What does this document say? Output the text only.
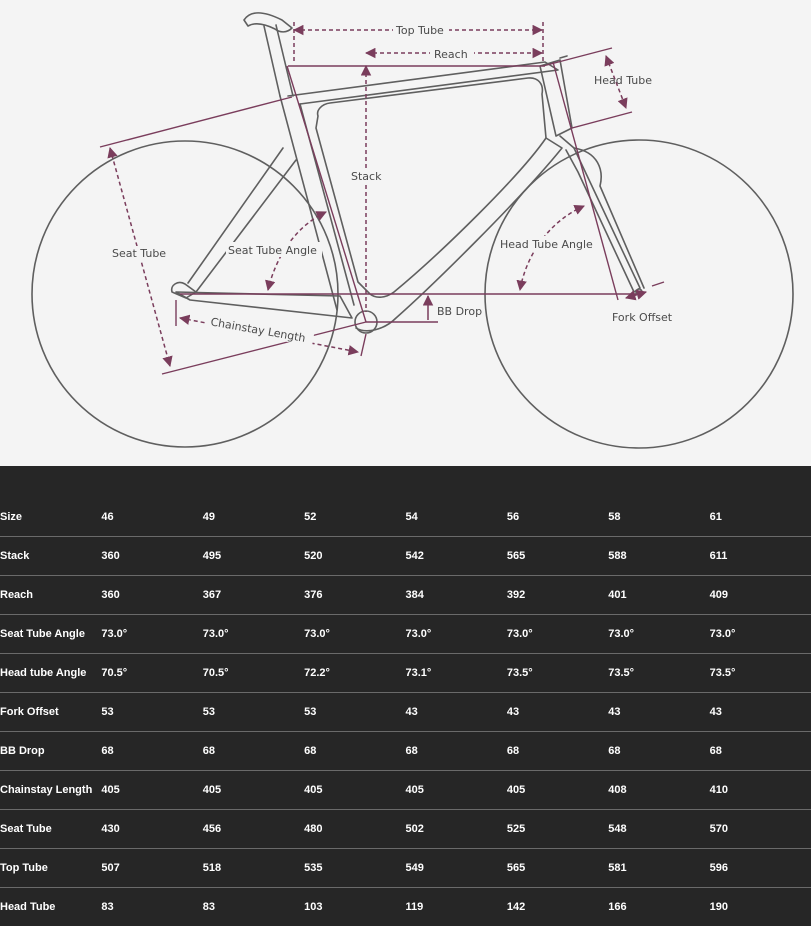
Top Tube
Reach
Head Tube
Stack
Seat Tube	Seat Tube Angle	Head Tube Angle
BB Drop
Chainstay Length	Fork Offset

Size	46	49	52	54	56	58	61
Stack	360	495	520	542	565	588	611
Reach	360	367	376	384	392	401	409
Seat Tube Angle	73.0°	73.0°	73.0°	73.0°	73.0°	73.0°	73.0°
Head tube Angle	70.5°	70.5°	72.2°	73.1°	73.5°	73.5°	73.5°
Fork Offset	53	53	53	43	43	43	43
BB Drop	68	68	68	68	68	68	68
Chainstay Length	405	405	405	405	405	408	410
Seat Tube	430	456	480	502	525	548	570
Top Tube	507	518	535	549	565	581	596
Head Tube	83	83	103	119	142	166	190
